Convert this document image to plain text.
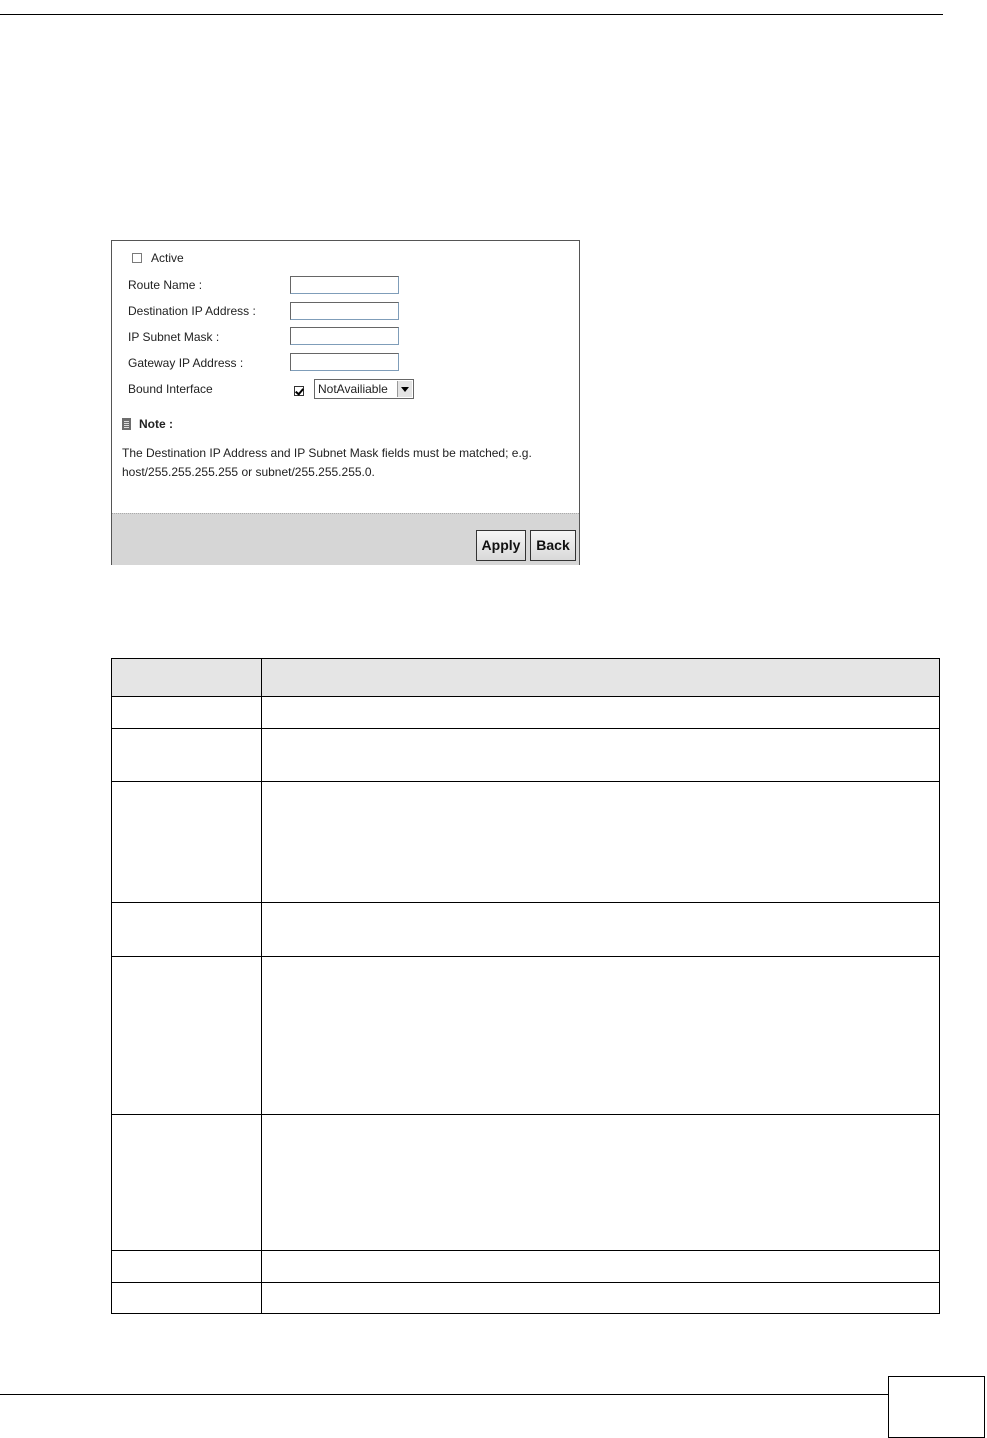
Active
Route Name :
Destination IP Address :
IP Subnet Mask :
Gateway IP Address :
Bound Interface	NotAvailiable
Note :
The Destination IP Address and IP Subnet Mask fields must be matched; e.g. host/255.255.255.255 or subnet/255.255.255.0.
Apply	Back
